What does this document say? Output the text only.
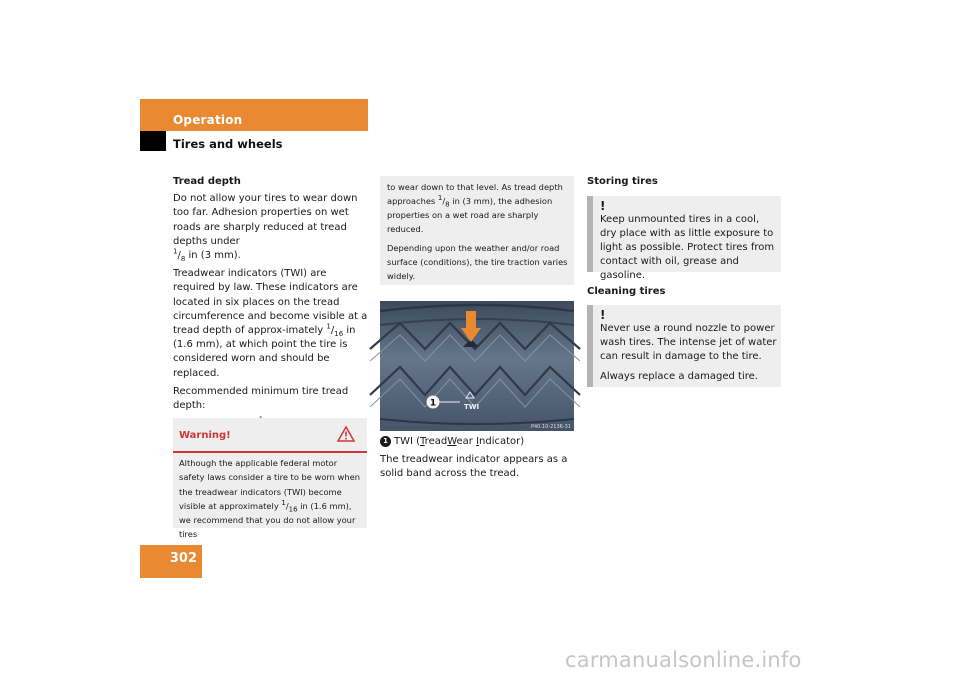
Operation
Tires and wheels

Tread depth

Do not allow your tires to wear down too far. Adhesion properties on wet roads are sharply reduced at tread depths under
$^1/_8$ in (3 mm).

Treadwear indicators (TWI) are required by law. These indicators are located in six places on the tread circumference and become visible at a tread depth of approx-imately $^1/_{16}$ in (1.6 mm), at which point the tire is considered worn and should be replaced.

Recommended minimum tire tread depth:

•
•
Warning!
Although the applicable federal motor safety laws consider a tire to be worn when the treadwear indicators (TWI) become visible at approximately $^1/_{16}$ in (1.6 mm), we recommend that you do not allow your tires

to wear down to that level. As tread depth approaches $^1/_8$ in (3 mm), the adhesion properties on a wet road are sharply reduced.

Depending upon the weather and/or road surface (conditions), the tire traction varies widely.

1	TWI
P40.10-2136-31

1 TWI (TreadWear Indicator)

The treadwear indicator appears as a solid band across the tread.

Storing tires

!

Keep unmounted tires in a cool, dry place with as little exposure to light as possible. Protect tires from contact with oil, grease and gasoline.

Cleaning tires

!

Never use a round nozzle to power wash tires. The intense jet of water can result in damage to the tire.

Always replace a damaged tire.

302
carmanualsonline.info
